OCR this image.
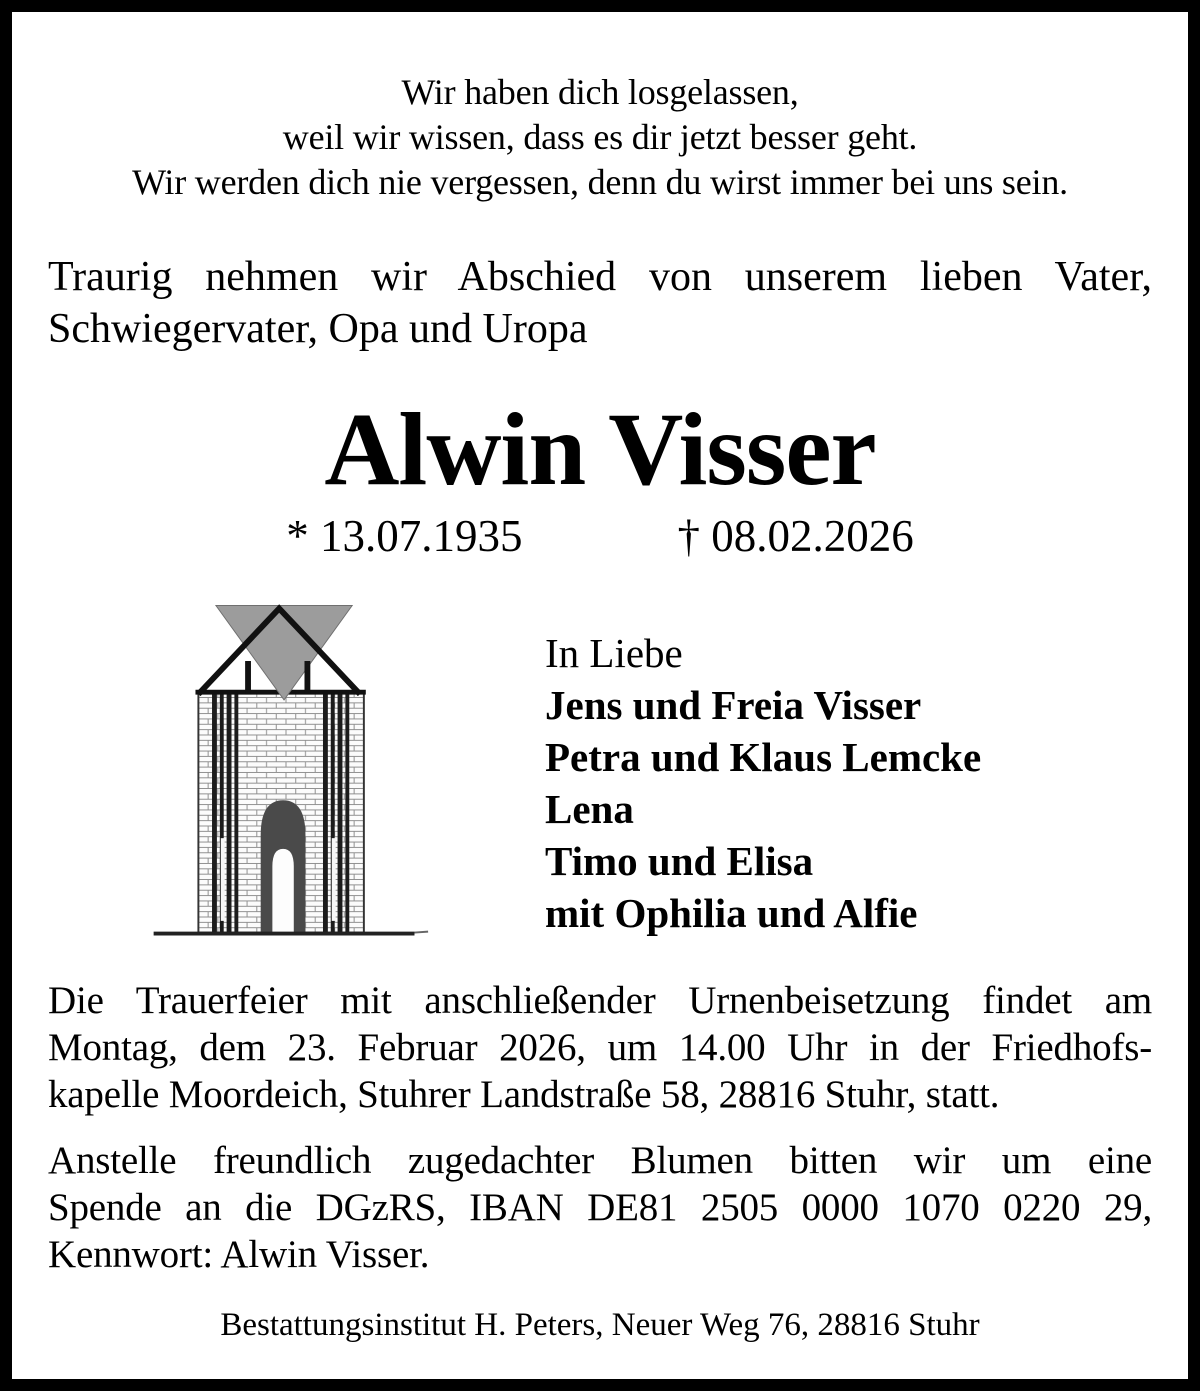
Wir haben dich losgelassen,
weil wir wissen, dass es dir jetzt besser geht.
Wir werden dich nie vergessen, denn du wirst immer bei uns sein.
Traurig nehmen wir Abschied von unserem lieben Vater,
Schwiegervater, Opa und Uropa
Alwin Visser
* 13.07.1935	† 08.02.2026
In Liebe
Jens und Freia Visser
Petra und Klaus Lemcke
Lena
Timo und Elisa
mit Ophilia und Alfie
Die Trauerfeier mit anschließender Urnenbeisetzung findet am
Montag, dem 23. Februar 2026, um 14.00 Uhr in der Friedhofs-
kapelle Moordeich, Stuhrer Landstraße 58, 28816 Stuhr, statt.
Anstelle freundlich zugedachter Blumen bitten wir um eine
Spende an die DGzRS, IBAN DE81 2505 0000 1070 0220 29,
Kennwort: Alwin Visser.
Bestattungsinstitut H. Peters, Neuer Weg 76, 28816 Stuhr
